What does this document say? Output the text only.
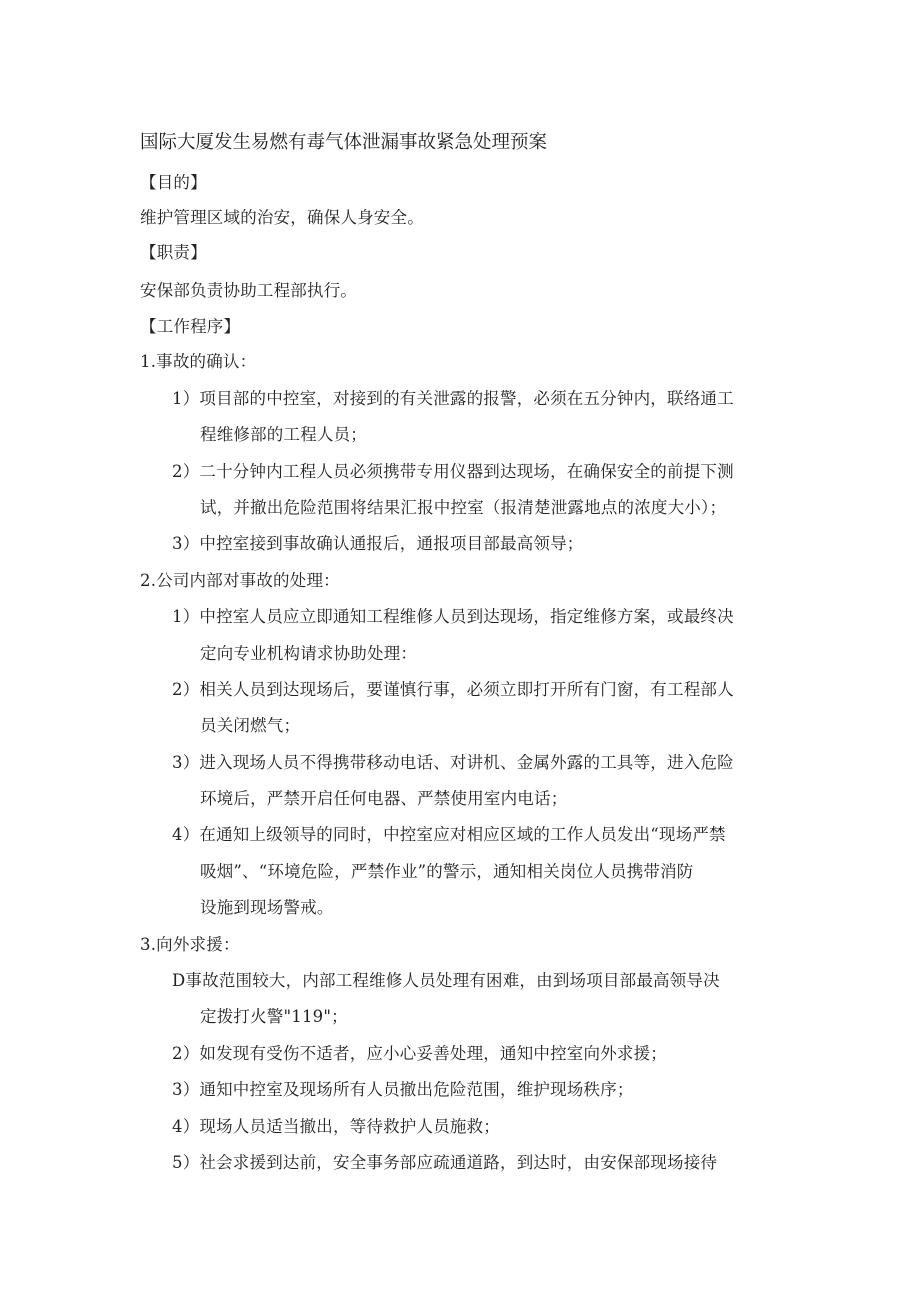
国际大厦发生易燃有毒气体泄漏事故紧急处理预案
【目的】
维护管理区域的治安，确保人身安全。
【职责】
安保部负责协助工程部执行。
【工作程序】
1.事故的确认：
1）项目部的中控室，对接到的有关泄露的报警，必须在五分钟内，联络通工
程维修部的工程人员；
2）二十分钟内工程人员必须携带专用仪器到达现场，在确保安全的前提下测
试，并撤出危险范围将结果汇报中控室（报清楚泄露地点的浓度大小）；
3）中控室接到事故确认通报后，通报项目部最高领导；
2.公司内部对事故的处理：
1）中控室人员应立即通知工程维修人员到达现场，指定维修方案，或最终决
定向专业机构请求协助处理：
2）相关人员到达现场后，要谨慎行事，必须立即打开所有门窗，有工程部人
员关闭燃气；
3）进入现场人员不得携带移动电话、对讲机、金属外露的工具等，进入危险
环境后，严禁开启任何电器、严禁使用室内电话；
4）在通知上级领导的同时，中控室应对相应区域的工作人员发出“现场严禁
吸烟”、“环境危险，严禁作业”的警示，通知相关岗位人员携带消防
设施到现场警戒。
3.向外求援：
D事故范围较大，内部工程维修人员处理有困难，由到场项目部最高领导决
定拨打火警"119"；
2）如发现有受伤不适者，应小心妥善处理，通知中控室向外求援；
3）通知中控室及现场所有人员撤出危险范围，维护现场秩序；
4）现场人员适当撤出，等待救护人员施救；
5）社会求援到达前，安全事务部应疏通道路，到达时，由安保部现场接待
